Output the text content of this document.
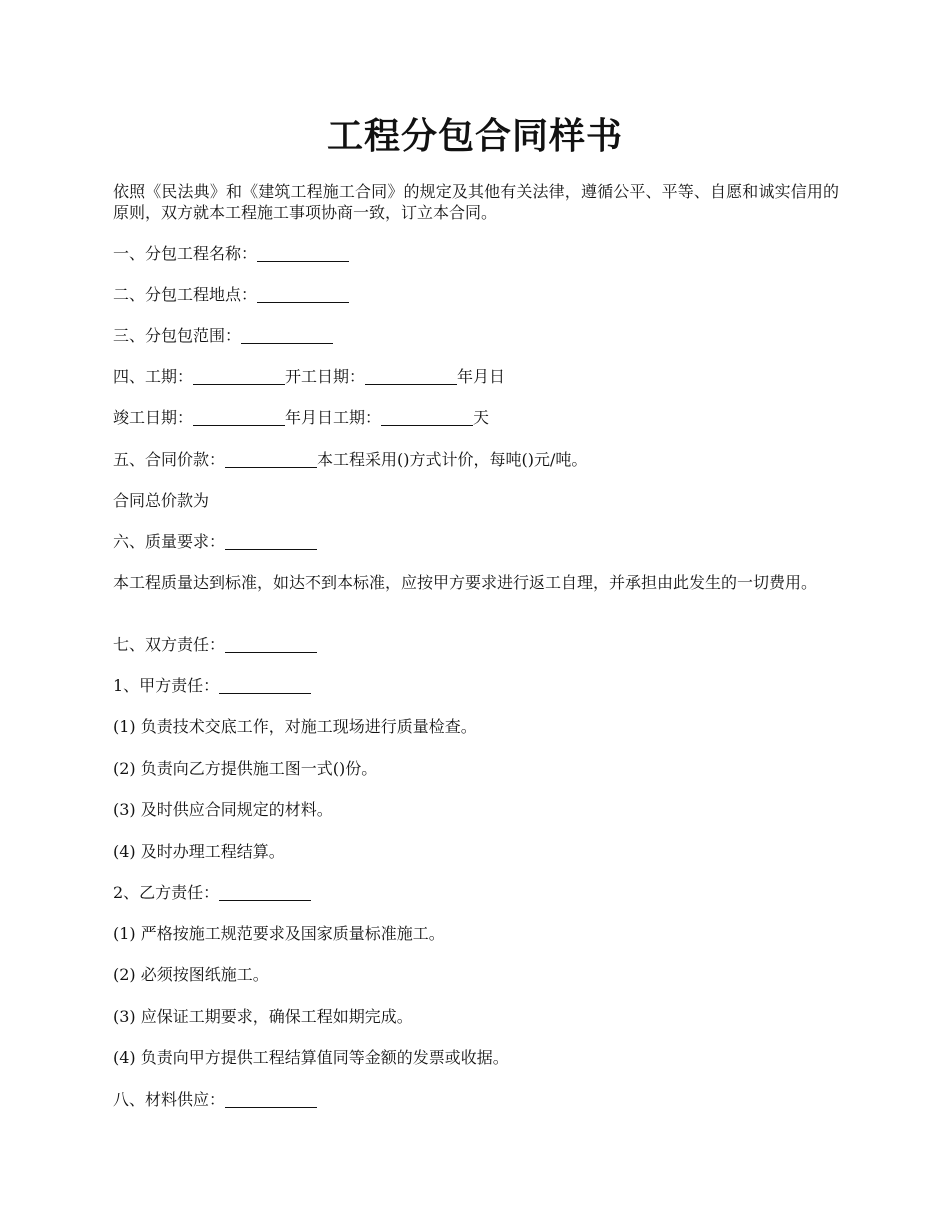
工程分包合同样书

依照《民法典》和《建筑工程施工合同》的规定及其他有关法律，遵循公平、平等、自愿和诚实信用的原则，双方就本工程施工事项协商一致，订立本合同。

一、分包工程名称：

二、分包工程地点：

三、分包包范围：

四、工期：	开工日期：	年月日

竣工日期：	年月日工期：	天

五、合同价款：	本工程采用()方式计价，每吨()元/吨。

合同总价款为

六、质量要求：

本工程质量达到标准，如达不到本标准，应按甲方要求进行返工自理，并承担由此发生的一切费用。

七、双方责任：

1、甲方责任：

(1) 负责技术交底工作，对施工现场进行质量检查。

(2) 负责向乙方提供施工图一式()份。

(3) 及时供应合同规定的材料。

(4) 及时办理工程结算。

2、乙方责任：

(1) 严格按施工规范要求及国家质量标准施工。

(2) 必须按图纸施工。

(3) 应保证工期要求，确保工程如期完成。

(4) 负责向甲方提供工程结算值同等金额的发票或收据。

八、材料供应：
